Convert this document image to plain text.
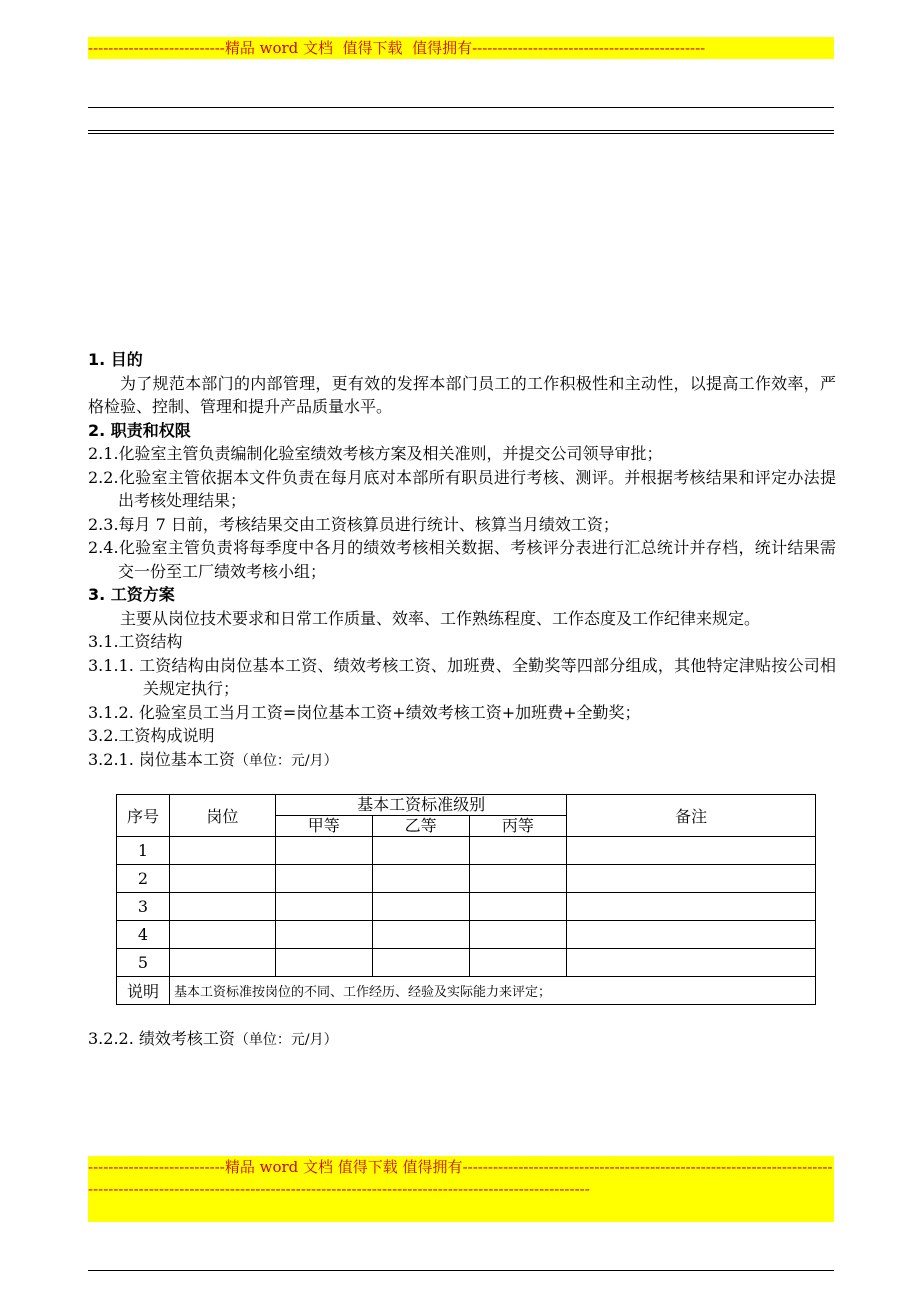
---------------------------精品 word 文档  值得下载  值得拥有----------------------------------------------
1. 目的
为了规范本部门的内部管理，更有效的发挥本部门员工的工作积极性和主动性，以提高工作效率，严格检验、控制、管理和提升产品质量水平。
2. 职责和权限
2.1.化验室主管负责编制化验室绩效考核方案及相关准则，并提交公司领导审批；
2.2.化验室主管依据本文件负责在每月底对本部所有职员进行考核、测评。并根据考核结果和评定办法提出考核处理结果；
2.3.每月 7 日前，考核结果交由工资核算员进行统计、核算当月绩效工资；
2.4.化验室主管负责将每季度中各月的绩效考核相关数据、考核评分表进行汇总统计并存档，统计结果需交一份至工厂绩效考核小组；
3. 工资方案
主要从岗位技术要求和日常工作质量、效率、工作熟练程度、工作态度及工作纪律来规定。
3.1.工资结构
3.1.1. 工资结构由岗位基本工资、绩效考核工资、加班费、全勤奖等四部分组成，其他特定津贴按公司相关规定执行；
3.1.2. 化验室员工当月工资=岗位基本工资+绩效考核工资+加班费+全勤奖；
3.2.工资构成说明
3.2.1. 岗位基本工资（单位：元/月）
序号	岗位	基本工资标准级别			备注
		甲等	乙等	丙等	
1					
2					
3					
4					
5					
说明	基本工资标准按岗位的不同、工作经历、经验及实际能力来评定；				
3.2.2. 绩效考核工资（单位：元/月）
---------------------------精品 word 文档 值得下载 值得拥有----------------------------------------------------------------------------------------------------------------------------------------------------------------------------
